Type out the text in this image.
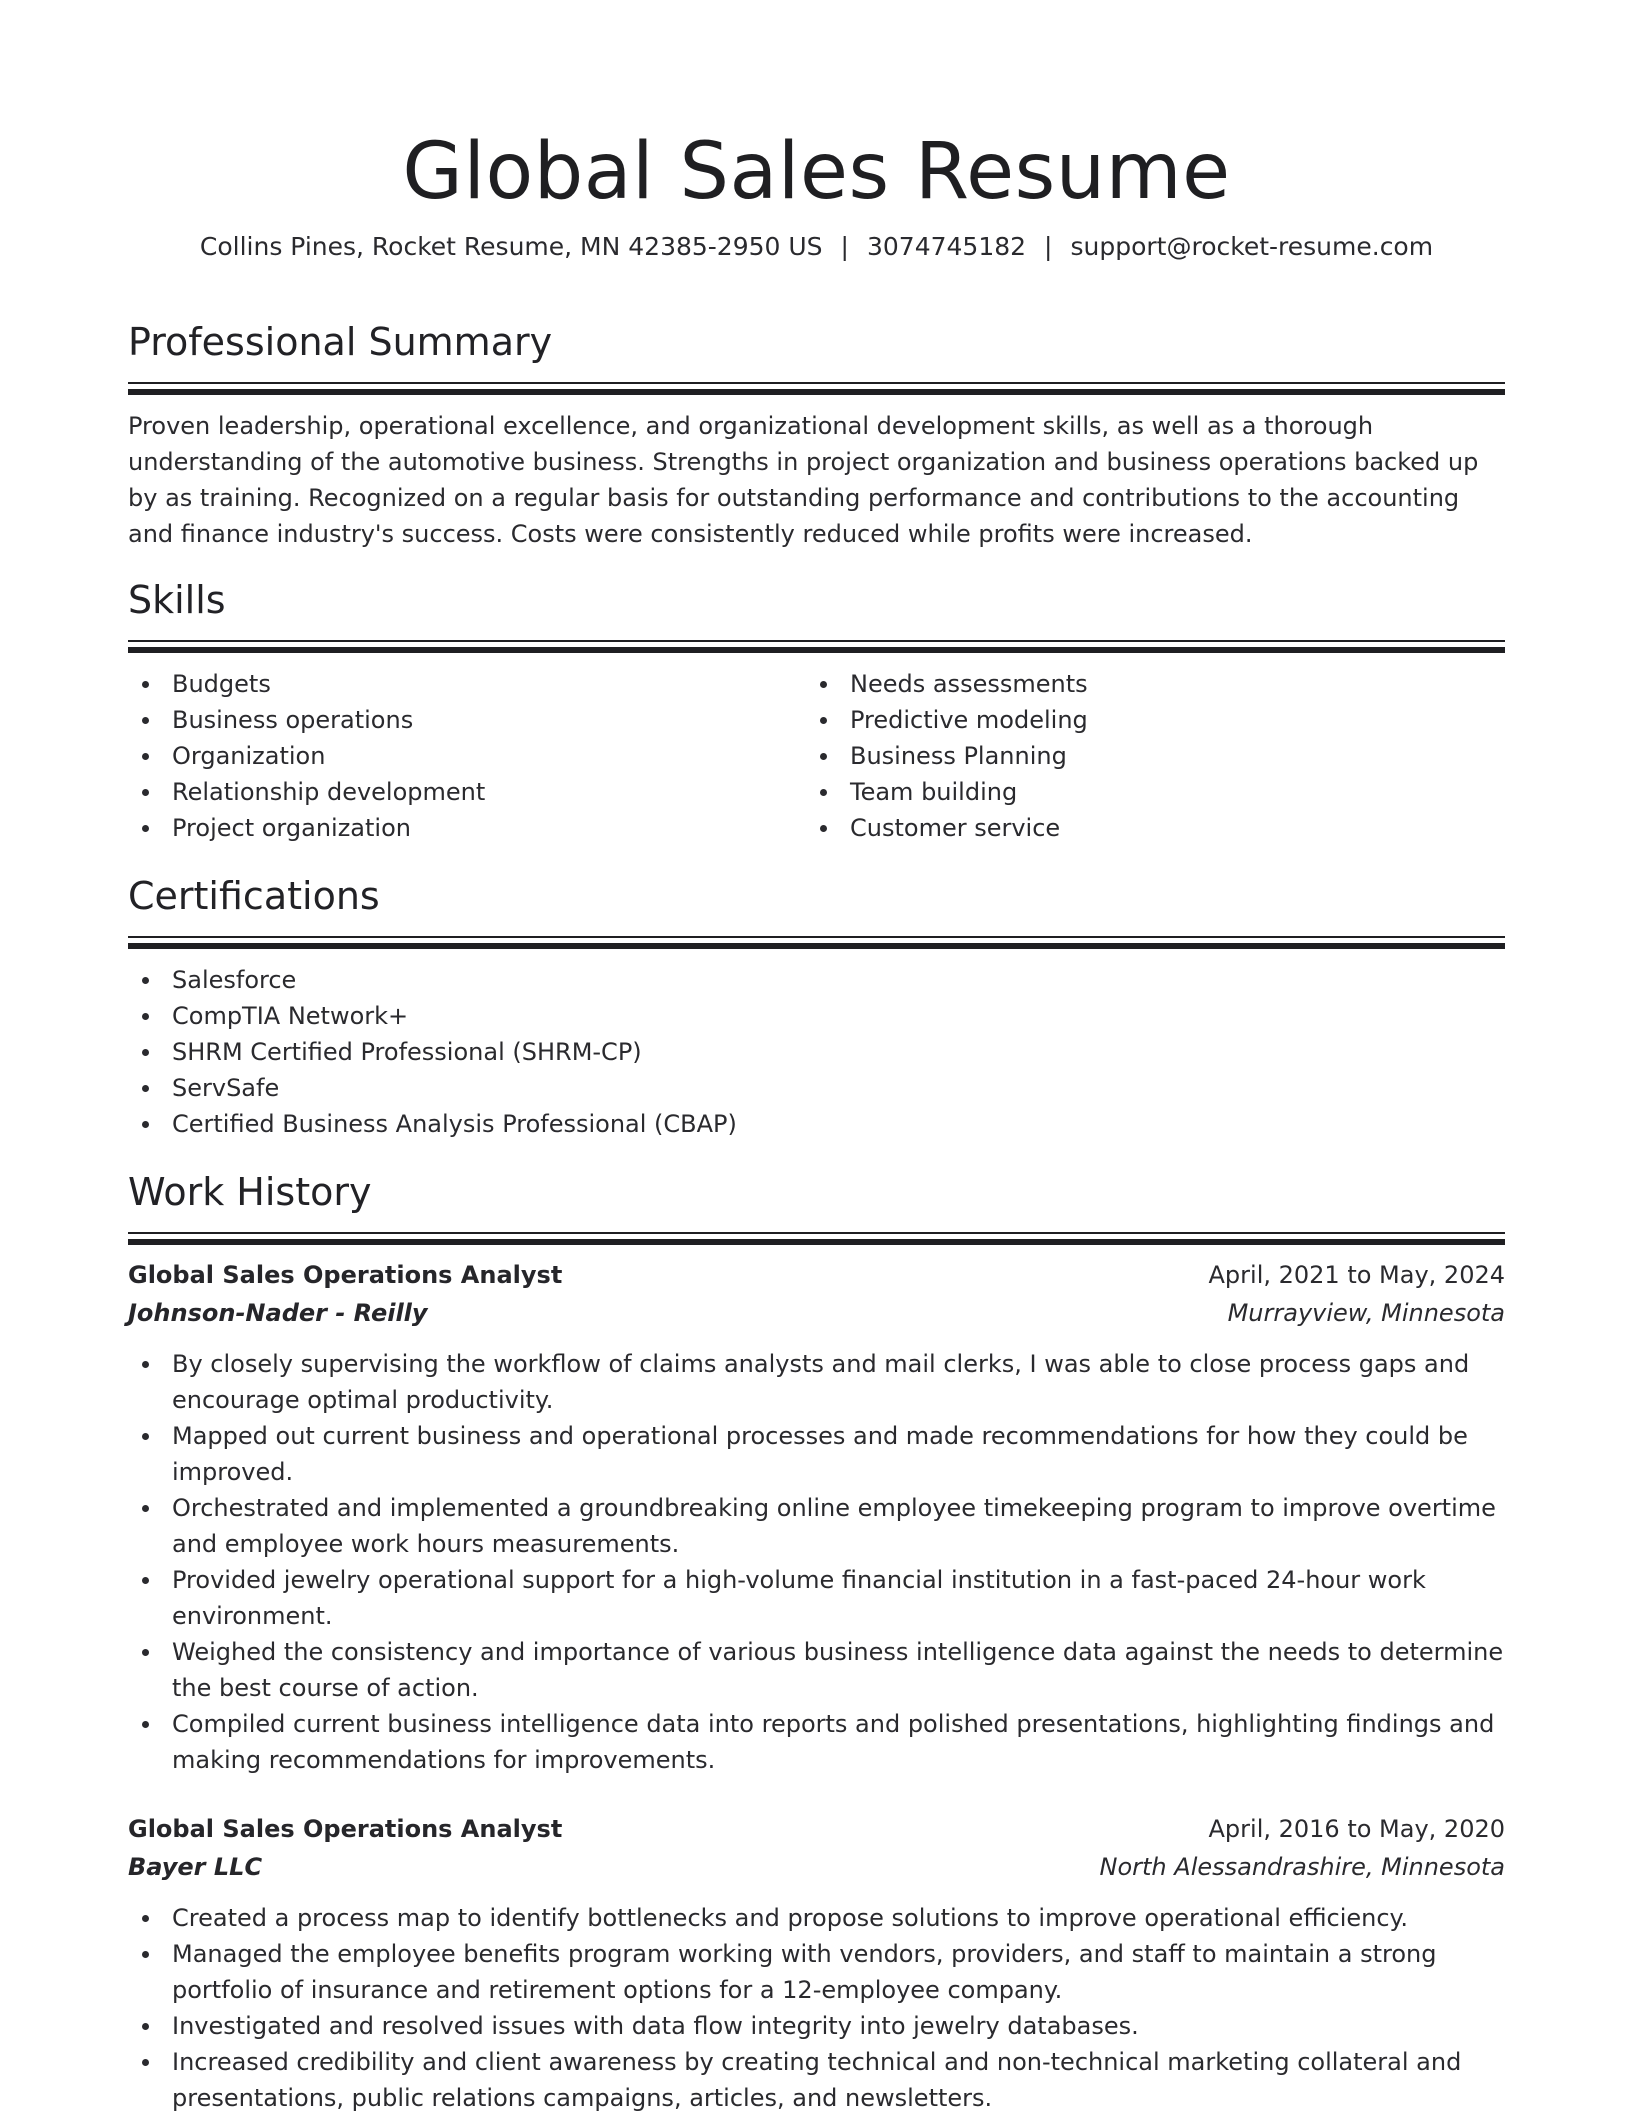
Global Sales Resume
Collins Pines, Rocket Resume, MN 42385-2950 US | 3074745182 | support@rocket-resume.com
Professional Summary
Proven leadership, operational excellence, and organizational development skills, as well as a thorough understanding of the automotive business. Strengths in project organization and business operations backed up by as training. Recognized on a regular basis for outstanding performance and contributions to the accounting and finance industry's success. Costs were consistently reduced while profits were increased.
Skills
Budgets
Business operations
Organization
Relationship development
Project organization
Needs assessments
Predictive modeling
Business Planning
Team building
Customer service
Certifications
Salesforce
CompTIA Network+
SHRM Certified Professional (SHRM-CP)
ServSafe
Certified Business Analysis Professional (CBAP)
Work History
Global Sales Operations Analyst	April, 2021 to May, 2024
Johnson-Nader - Reilly	Murrayview, Minnesota
By closely supervising the workflow of claims analysts and mail clerks, I was able to close process gaps and encourage optimal productivity.
Mapped out current business and operational processes and made recommendations for how they could be improved.
Orchestrated and implemented a groundbreaking online employee timekeeping program to improve overtime and employee work hours measurements.
Provided jewelry operational support for a high-volume financial institution in a fast-paced 24-hour work environment.
Weighed the consistency and importance of various business intelligence data against the needs to determine the best course of action.
Compiled current business intelligence data into reports and polished presentations, highlighting findings and making recommendations for improvements.
Global Sales Operations Analyst	April, 2016 to May, 2020
Bayer LLC	North Alessandrashire, Minnesota
Created a process map to identify bottlenecks and propose solutions to improve operational efficiency.
Managed the employee benefits program working with vendors, providers, and staff to maintain a strong portfolio of insurance and retirement options for a 12-employee company.
Investigated and resolved issues with data flow integrity into jewelry databases.
Increased credibility and client awareness by creating technical and non-technical marketing collateral and presentations, public relations campaigns, articles, and newsletters.
